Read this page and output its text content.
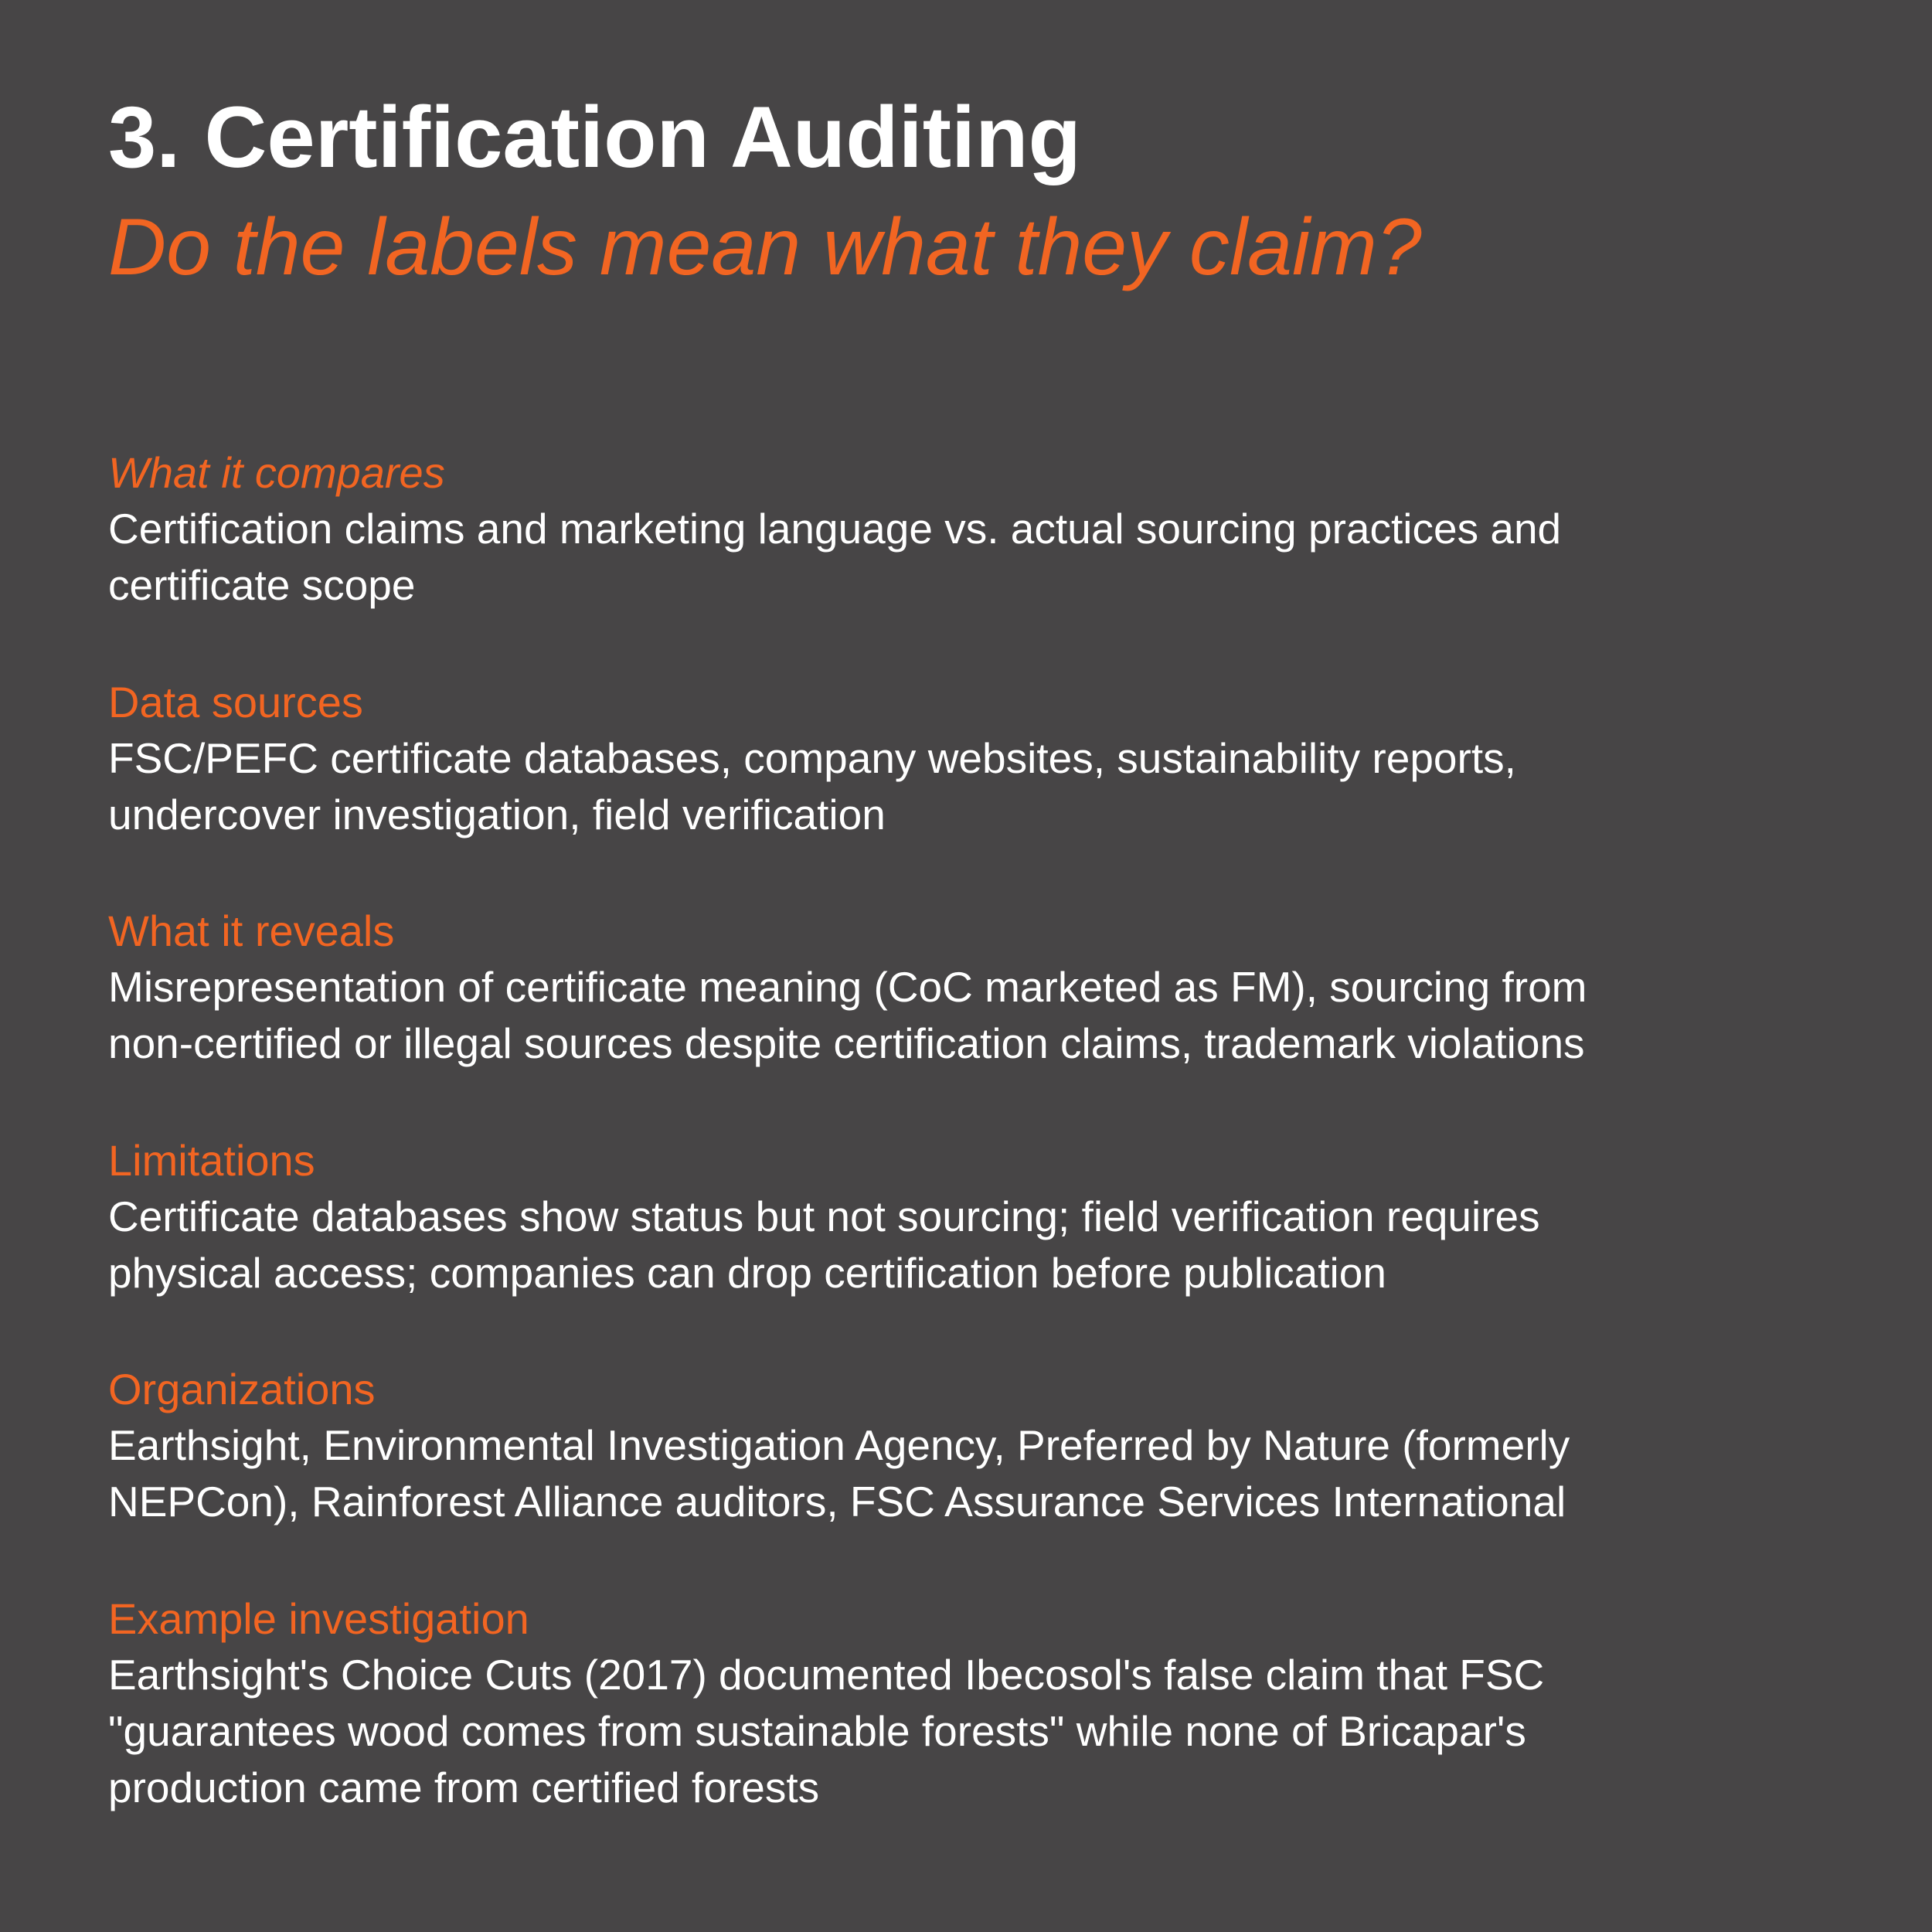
3. Certification Auditing
Do the labels mean what they claim?
What it compares
Certification claims and marketing language vs. actual sourcing practices and
certificate scope
Data sources
FSC/PEFC certificate databases, company websites, sustainability reports,
undercover investigation, field verification
What it reveals
Misrepresentation of certificate meaning (CoC marketed as FM), sourcing from
non-certified or illegal sources despite certification claims, trademark violations
Limitations
Certificate databases show status but not sourcing; field verification requires
physical access; companies can drop certification before publication
Organizations
Earthsight, Environmental Investigation Agency, Preferred by Nature (formerly
NEPCon), Rainforest Alliance auditors, FSC Assurance Services International
Example investigation
Earthsight's Choice Cuts (2017) documented Ibecosol's false claim that FSC
"guarantees wood comes from sustainable forests" while none of Bricapar's
production came from certified forests
